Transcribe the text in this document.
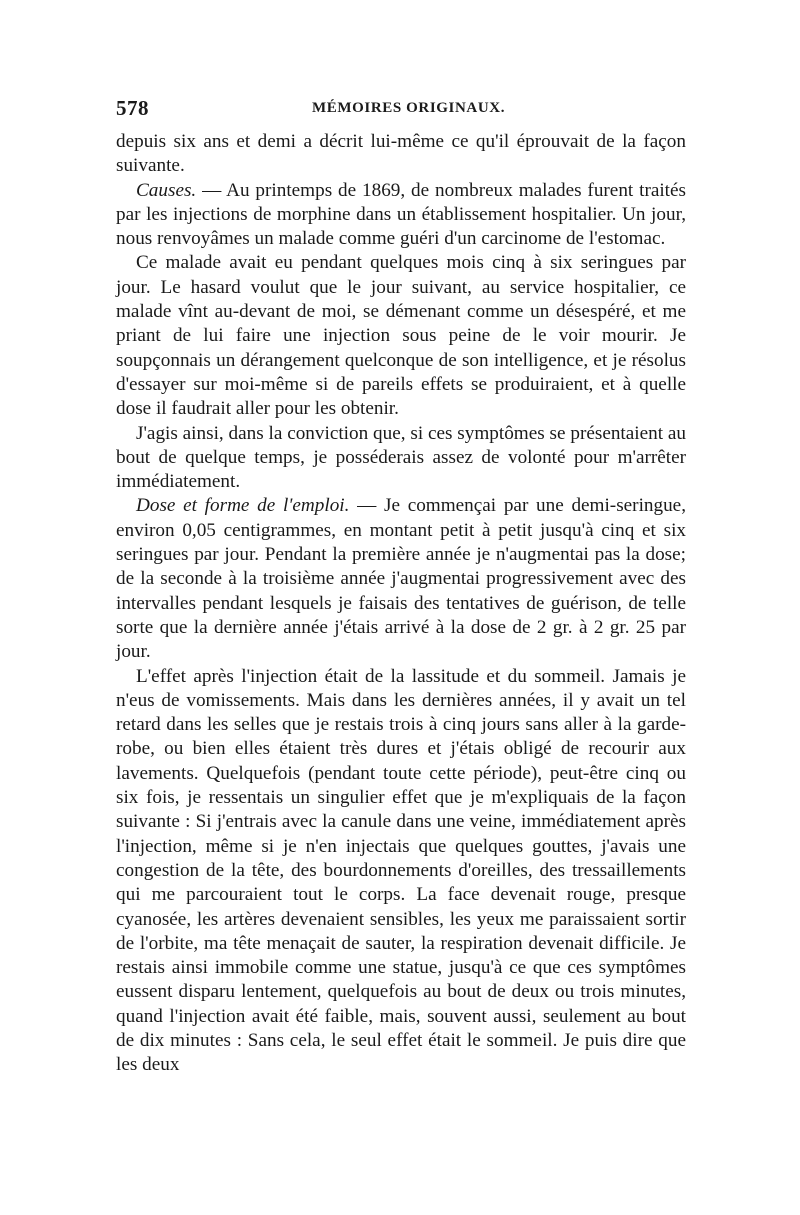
578	MÉMOIRES ORIGINAUX.

depuis six ans et demi a décrit lui-même ce qu'il éprouvait de la façon suivante.

Causes. — Au printemps de 1869, de nombreux malades furent traités par les injections de morphine dans un établissement hospitalier. Un jour, nous renvoyâmes un malade comme guéri d'un carcinome de l'estomac.

Ce malade avait eu pendant quelques mois cinq à six seringues par jour. Le hasard voulut que le jour suivant, au service hospitalier, ce malade vînt au-devant de moi, se démenant comme un désespéré, et me priant de lui faire une injection sous peine de le voir mourir. Je soupçonnais un dérangement quelconque de son intelligence, et je résolus d'essayer sur moi-même si de pareils effets se produiraient, et à quelle dose il faudrait aller pour les obtenir.

J'agis ainsi, dans la conviction que, si ces symptômes se présentaient au bout de quelque temps, je posséderais assez de volonté pour m'arrêter immédiatement.

Dose et forme de l'emploi. — Je commençai par une demi-seringue, environ 0,05 centigrammes, en montant petit à petit jusqu'à cinq et six seringues par jour. Pendant la première année je n'augmentai pas la dose; de la seconde à la troisième année j'augmentai progressivement avec des intervalles pendant lesquels je faisais des tentatives de guérison, de telle sorte que la dernière année j'étais arrivé à la dose de 2 gr. à 2 gr. 25 par jour.

L'effet après l'injection était de la lassitude et du sommeil. Jamais je n'eus de vomissements. Mais dans les dernières années, il y avait un tel retard dans les selles que je restais trois à cinq jours sans aller à la garde-robe, ou bien elles étaient très dures et j'étais obligé de recourir aux lavements. Quelquefois (pendant toute cette période), peut-être cinq ou six fois, je ressentais un singulier effet que je m'expliquais de la façon suivante : Si j'entrais avec la canule dans une veine, immédiatement après l'injection, même si je n'en injectais que quelques gouttes, j'avais une congestion de la tête, des bourdonnements d'oreilles, des tressaillements qui me parcouraient tout le corps. La face devenait rouge, presque cyanosée, les artères devenaient sensibles, les yeux me paraissaient sortir de l'orbite, ma tête menaçait de sauter, la respiration devenait difficile. Je restais ainsi immobile comme une statue, jusqu'à ce que ces symptômes eussent disparu lentement, quelquefois au bout de deux ou trois minutes, quand l'injection avait été faible, mais, souvent aussi, seulement au bout de dix minutes : Sans cela, le seul effet était le sommeil. Je puis dire que les deux
